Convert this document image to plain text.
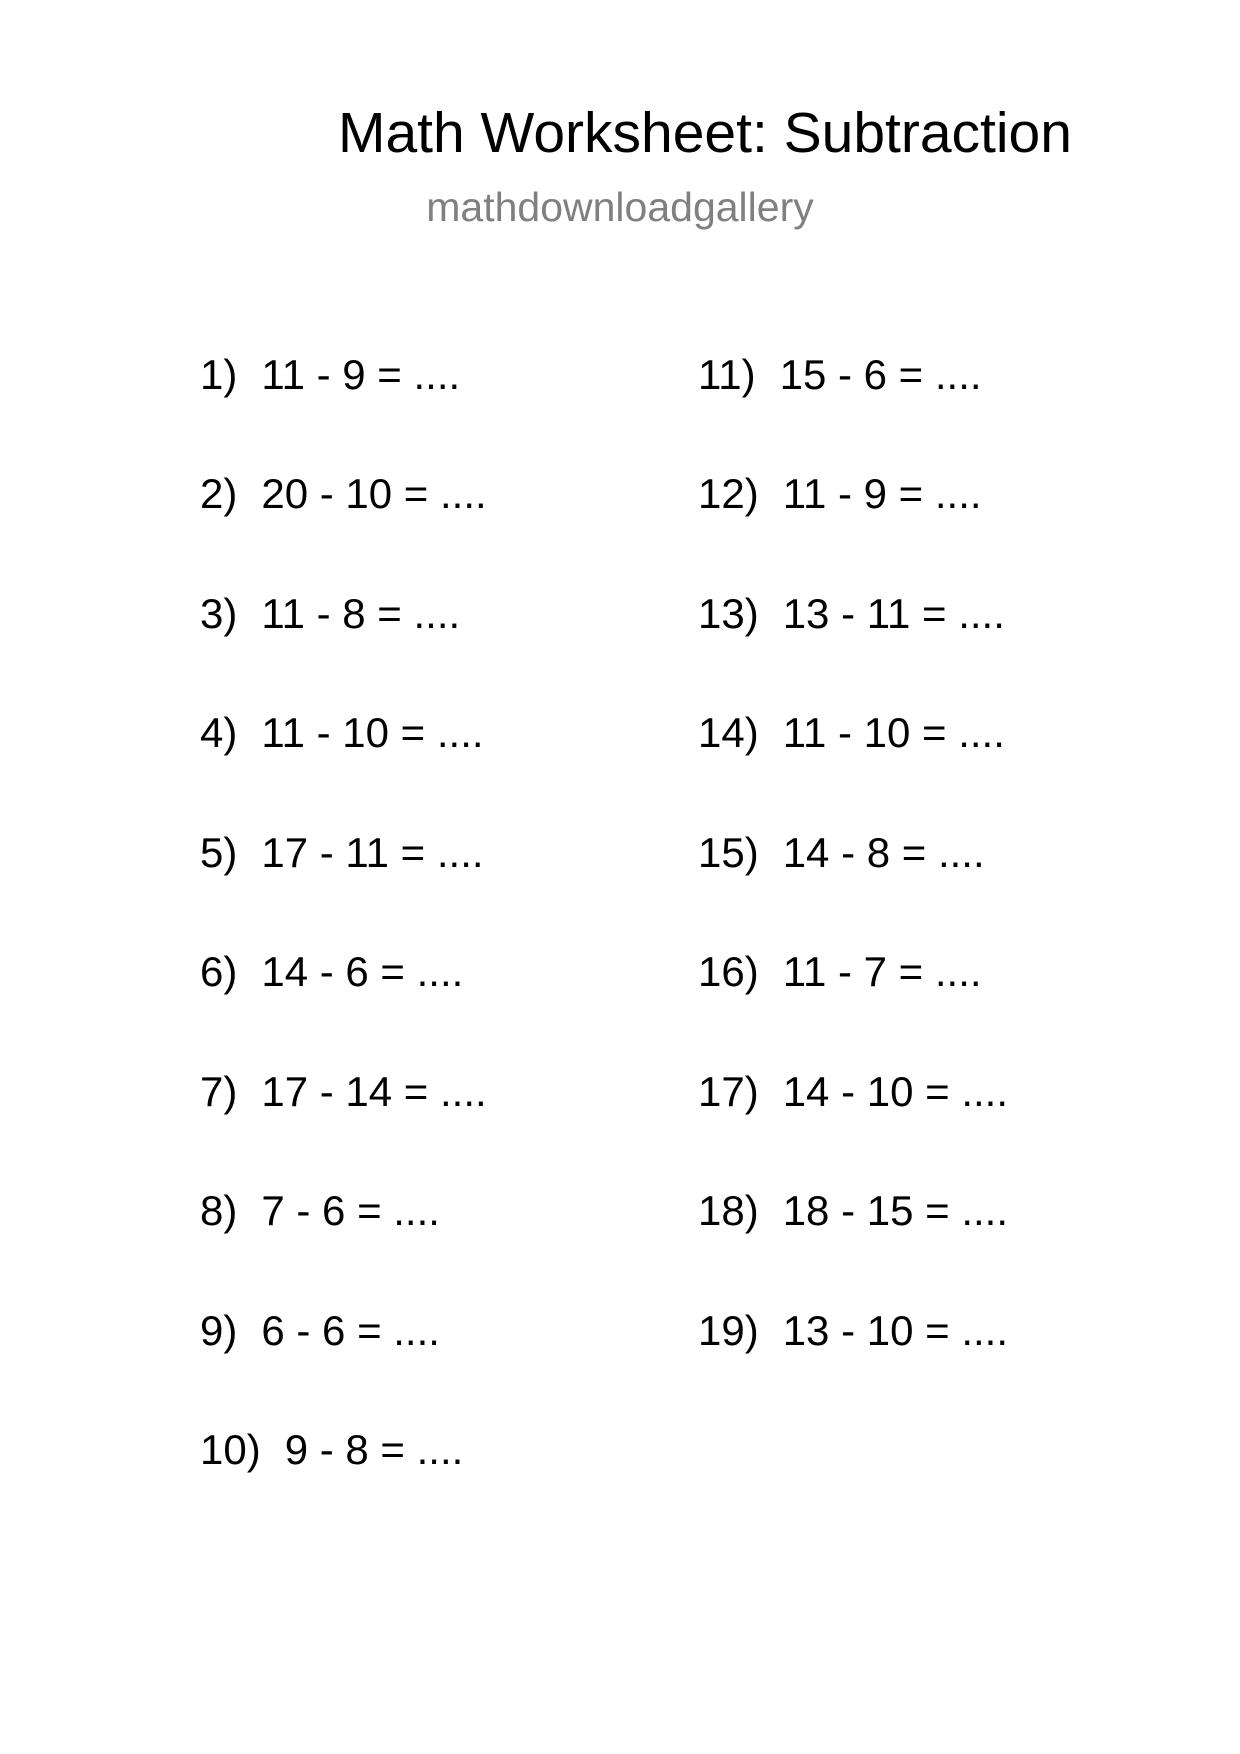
Math Worksheet: Subtraction
mathdownloadgallery
1) 11 - 9 = ....
2) 20 - 10 = ....
3) 11 - 8 = ....
4) 11 - 10 = ....
5) 17 - 11 = ....
6) 14 - 6 = ....
7) 17 - 14 = ....
8) 7 - 6 = ....
9) 6 - 6 = ....
10) 9 - 8 = ....
11) 15 - 6 = ....
12) 11 - 9 = ....
13) 13 - 11 = ....
14) 11 - 10 = ....
15) 14 - 8 = ....
16) 11 - 7 = ....
17) 14 - 10 = ....
18) 18 - 15 = ....
19) 13 - 10 = ....
